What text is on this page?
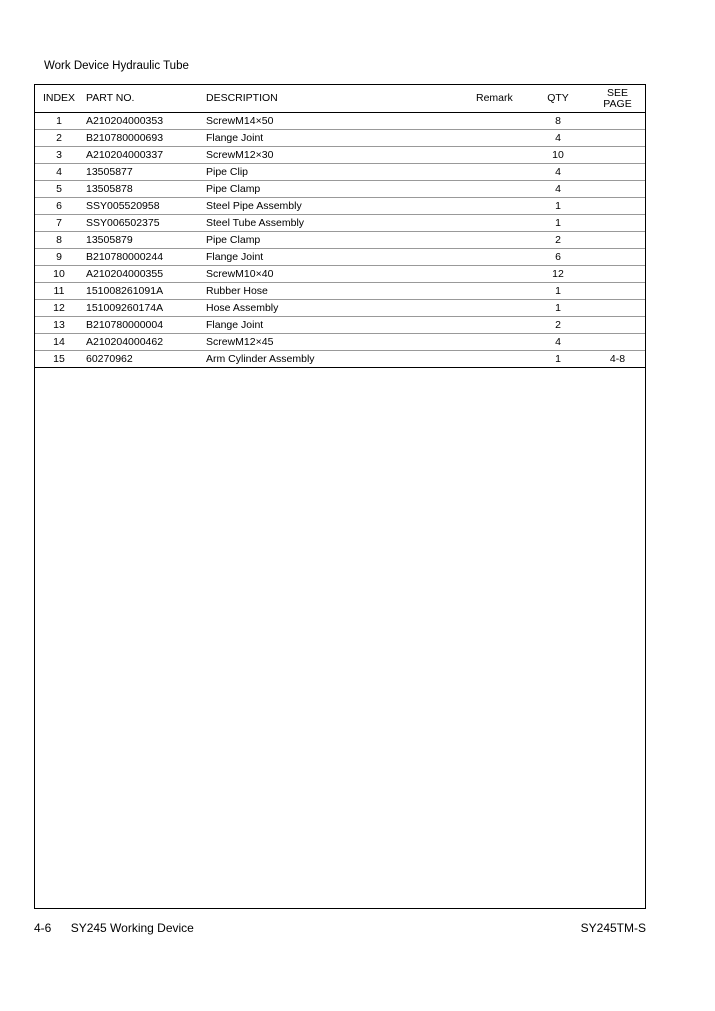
Work Device Hydraulic Tube
INDEX	PART NO.	DESCRIPTION	Remark	QTY	SEE
PAGE

1	A210204000353	ScrewM14×50		8	
2	B210780000693	Flange Joint		4	
3	A210204000337	ScrewM12×30		10	
4	13505877	Pipe Clip		4	
5	13505878	Pipe Clamp		4	
6	SSY005520958	Steel Pipe Assembly		1	
7	SSY006502375	Steel Tube Assembly		1	
8	13505879	Pipe Clamp		2	
9	B210780000244	Flange Joint		6	
10	A210204000355	ScrewM10×40		12	
11	151008261091A	Rubber Hose		1	
12	151009260174A	Hose Assembly		1	
13	B210780000004	Flange Joint		2	
14	A210204000462	ScrewM12×45		4	
15	60270962	Arm Cylinder Assembly		1	4-8
4-6 SY245 Working Device	SY245TM-S
